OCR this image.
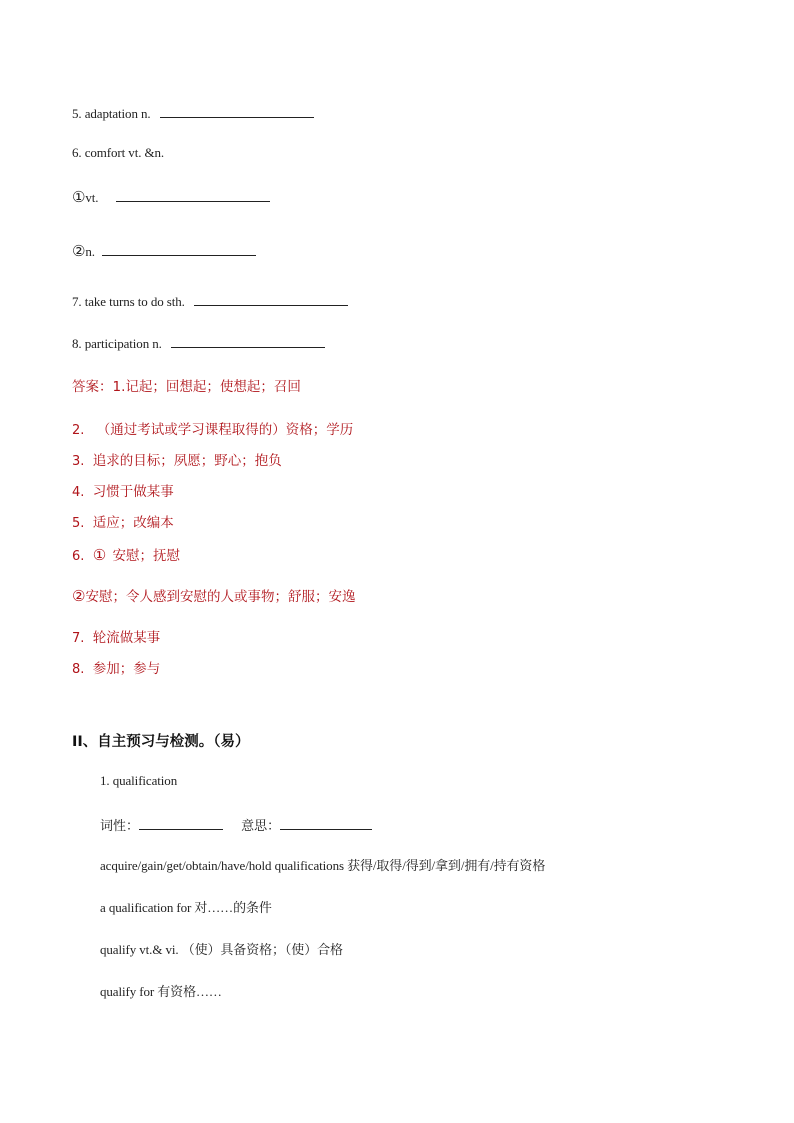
5. adaptation n.
6. comfort vt. &n.
①vt.
②n.
7. take turns to do sth.
8. participation n.
答案：1.记起；回想起；使想起；召回
2. （通过考试或学习课程取得的）资格；学历
3. 追求的目标；夙愿；野心；抱负
4. 习惯于做某事
5. 适应；改编本
6. ① 安慰；抚慰
②安慰；令人感到安慰的人或事物；舒服；安逸
7. 轮流做某事
8. 参加；参与
II、自主预习与检测。（易）
1. qualification
词性：	意思：
acquire/gain/get/obtain/have/hold qualifications 获得/取得/得到/拿到/拥有/持有资格
a qualification for 对……的条件
qualify vt.& vi. （使）具备资格；（使）合格
qualify for 有资格……
